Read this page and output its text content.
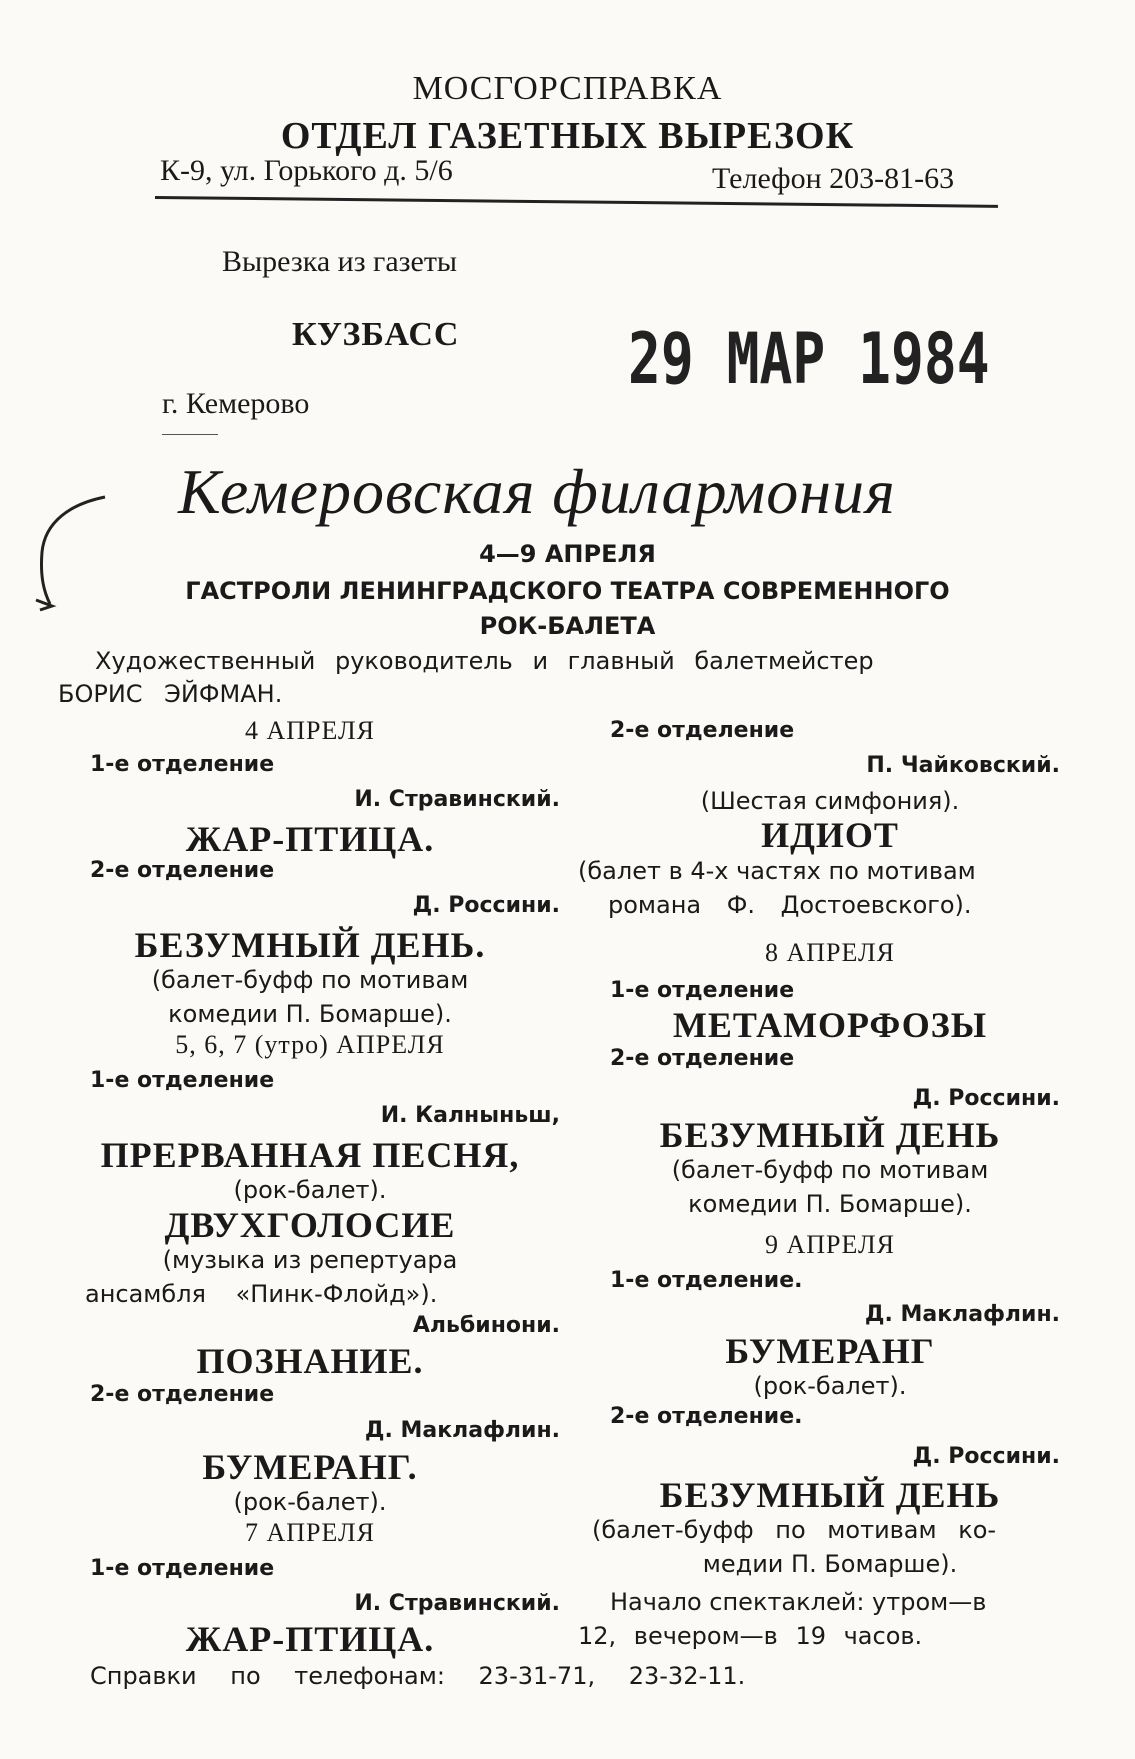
МОСГОРСПРАВКА
ОТДЕЛ ГАЗЕТНЫХ ВЫРЕЗОК
К-9, ул. Горького д. 5/6	Телефон 203-81-63
Вырезка из газеты
КУЗБАСС 29 МАР 1984
г. Кемерово
Кемеровская филармония
4—9 АПРЕЛЯ
ГАСТРОЛИ ЛЕНИНГРАДСКОГО ТЕАТРА СОВРЕМЕННОГО
РОК-БАЛЕТА
Художественный руководитель и главный балетмейстер
БОРИС ЭЙФМАН.
4 АПРЕЛЯ
1-е отделение
И. Стравинский.
ЖАР-ПТИЦА.
2-е отделение
Д. Россини.
БЕЗУМНЫЙ ДЕНЬ.
(балет-буфф по мотивам
комедии П. Бомарше).
5, 6, 7 (утро) АПРЕЛЯ
1-е отделение
И. Калныньш,
ПРЕРВАННАЯ ПЕСНЯ,
(рок-балет).
ДВУХГОЛОСИЕ
(музыка из репертуара
ансамбля «Пинк-Флойд»).
Альбинони.
ПОЗНАНИЕ.
2-е отделение
Д. Маклафлин.
БУМЕРАНГ.
(рок-балет).
7 АПРЕЛЯ
1-е отделение
И. Стравинский.
ЖАР-ПТИЦА.
2-е отделение
П. Чайковский.
(Шестая симфония).
ИДИОТ
(балет в 4-х частях по мотивам
романа Ф. Достоевского).
8 АПРЕЛЯ
1-е отделение
МЕТАМОРФОЗЫ
2-е отделение
Д. Россини.
БЕЗУМНЫЙ ДЕНЬ
(балет-буфф по мотивам
комедии П. Бомарше).
9 АПРЕЛЯ
1-е отделение.
Д. Маклафлин.
БУМЕРАНГ
(рок-балет).
2-е отделение.
Д. Россини.
БЕЗУМНЫЙ ДЕНЬ
(балет-буфф по мотивам ко-
медии П. Бомарше).
Начало спектаклей: утром—в
12, вечером—в 19 часов.
Справки по телефонам: 23-31-71, 23-32-11.
